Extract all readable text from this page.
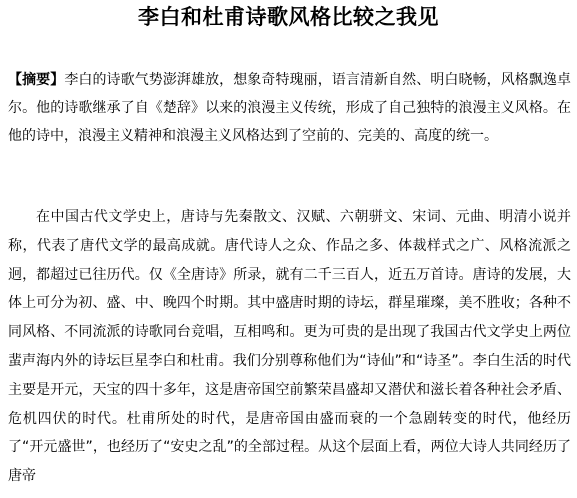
李白和杜甫诗歌风格比较之我见

【摘要】李白的诗歌气势澎湃雄放，想象奇特瑰丽，语言清新自然、明白晓畅，风格飘逸卓尔。他的诗歌继承了自《楚辞》以来的浪漫主义传统，形成了自己独特的浪漫主义风格。在他的诗中，浪漫主义精神和浪漫主义风格达到了空前的、完美的、高度的统一。

在中国古代文学史上，唐诗与先秦散文、汉赋、六朝骈文、宋词、元曲、明清小说并称，代表了唐代文学的最高成就。唐代诗人之众、作品之多、体裁样式之广、风格流派之迥，都超过已往历代。仅《全唐诗》所录，就有二千三百人，近五万首诗。唐诗的发展，大体上可分为初、盛、中、晚四个时期。其中盛唐时期的诗坛，群星璀璨，美不胜收；各种不同风格、不同流派的诗歌同台竞唱，互相鸣和。更为可贵的是出现了我国古代文学史上两位蜚声海内外的诗坛巨星李白和杜甫。我们分别尊称他们为“诗仙”和“诗圣”。李白生活的时代主要是开元，天宝的四十多年，这是唐帝国空前繁荣昌盛却又潜伏和滋长着各种社会矛盾、危机四伏的时代。杜甫所处的时代，是唐帝国由盛而衰的一个急剧转变的时代，他经历了“开元盛世”，也经历了“安史之乱”的全部过程。从这个层面上看，两位大诗人共同经历了唐帝
